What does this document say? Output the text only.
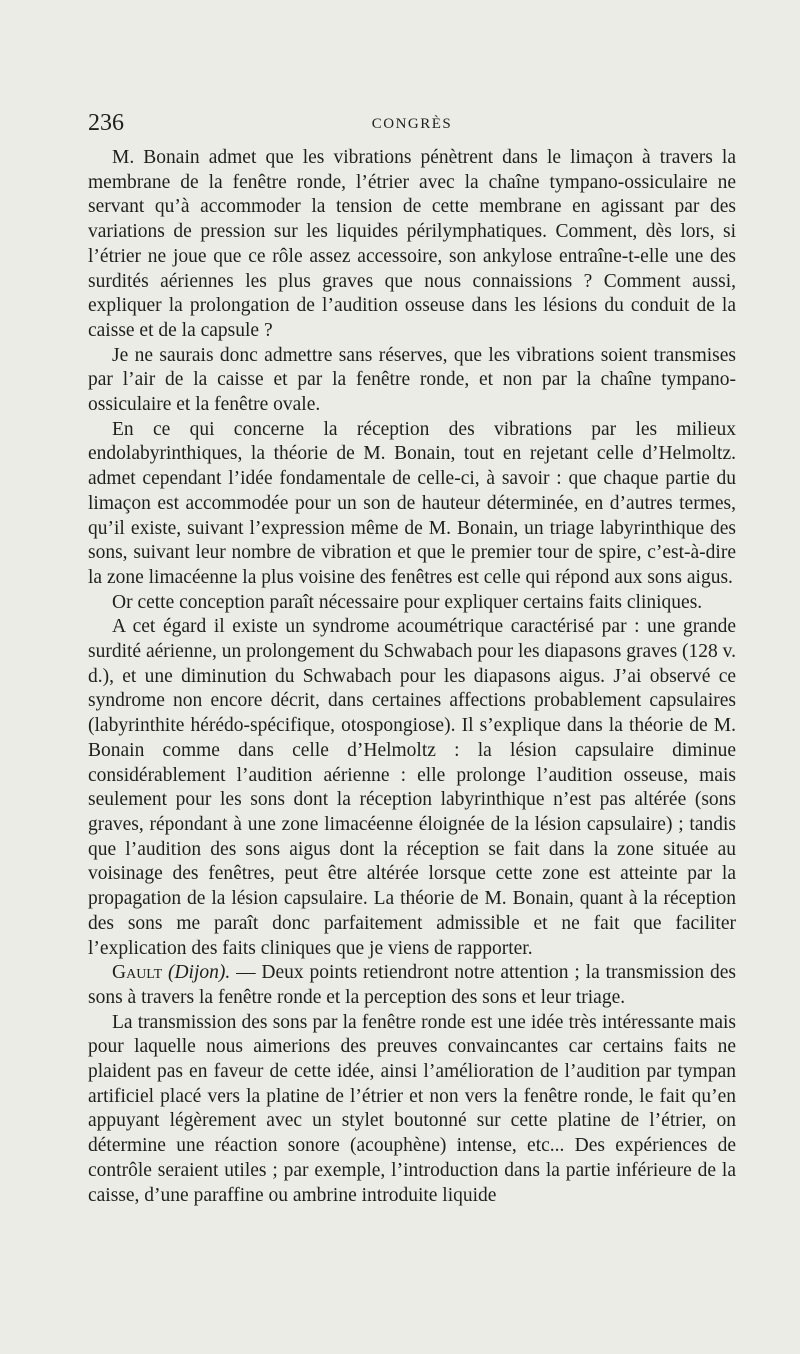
236	CONGRÈS

M. Bonain admet que les vibrations pénètrent dans le limaçon à travers la membrane de la fenêtre ronde, l’étrier avec la chaîne tympano-ossiculaire ne servant qu’à accommoder la tension de cette membrane en agissant par des variations de pression sur les liquides périlymphatiques. Comment, dès lors, si l’étrier ne joue que ce rôle assez accessoire, son ankylose entraîne-t-elle une des surdités aériennes les plus graves que nous connaissions ? Comment aussi, expliquer la prolongation de l’audition osseuse dans les lésions du conduit de la caisse et de la capsule ?

Je ne saurais donc admettre sans réserves, que les vibrations soient transmises par l’air de la caisse et par la fenêtre ronde, et non par la chaîne tympano-ossiculaire et la fenêtre ovale.

En ce qui concerne la réception des vibrations par les milieux endolabyrinthiques, la théorie de M. Bonain, tout en rejetant celle d’Helmoltz. admet cependant l’idée fondamentale de celle-ci, à savoir : que chaque partie du limaçon est accommodée pour un son de hauteur déterminée, en d’autres termes, qu’il existe, suivant l’expression même de M. Bonain, un triage labyrinthique des sons, suivant leur nombre de vibration et que le premier tour de spire, c’est-à-dire la zone limacéenne la plus voisine des fenêtres est celle qui répond aux sons aigus.

Or cette conception paraît nécessaire pour expliquer certains faits cliniques.

A cet égard il existe un syndrome acoumétrique caractérisé par : une grande surdité aérienne, un prolongement du Schwabach pour les diapasons graves (128 v. d.), et une diminution du Schwabach pour les diapasons aigus. J’ai observé ce syndrome non encore décrit, dans certaines affections probablement capsulaires (labyrinthite hérédo-spécifique, otospongiose). Il s’explique dans la théorie de M. Bonain comme dans celle d’Helmoltz : la lésion capsulaire diminue considérablement l’audition aérienne : elle prolonge l’audition osseuse, mais seulement pour les sons dont la réception labyrinthique n’est pas altérée (sons graves, répondant à une zone limacéenne éloignée de la lésion capsulaire) ; tandis que l’audition des sons aigus dont la réception se fait dans la zone située au voisinage des fenêtres, peut être altérée lorsque cette zone est atteinte par la propagation de la lésion capsulaire. La théorie de M. Bonain, quant à la réception des sons me paraît donc parfaitement admissible et ne fait que faciliter l’explication des faits cliniques que je viens de rapporter.

Gault (Dijon). — Deux points retiendront notre attention ; la transmission des sons à travers la fenêtre ronde et la perception des sons et leur triage.

La transmission des sons par la fenêtre ronde est une idée très intéressante mais pour laquelle nous aimerions des preuves convaincantes car certains faits ne plaident pas en faveur de cette idée, ainsi l’amélioration de l’audition par tympan artificiel placé vers la platine de l’étrier et non vers la fenêtre ronde, le fait qu’en appuyant légèrement avec un stylet boutonné sur cette platine de l’étrier, on détermine une réaction sonore (acouphène) intense, etc... Des expériences de contrôle seraient utiles ; par exemple, l’introduction dans la partie inférieure de la caisse, d’une paraffine ou ambrine introduite liquide
